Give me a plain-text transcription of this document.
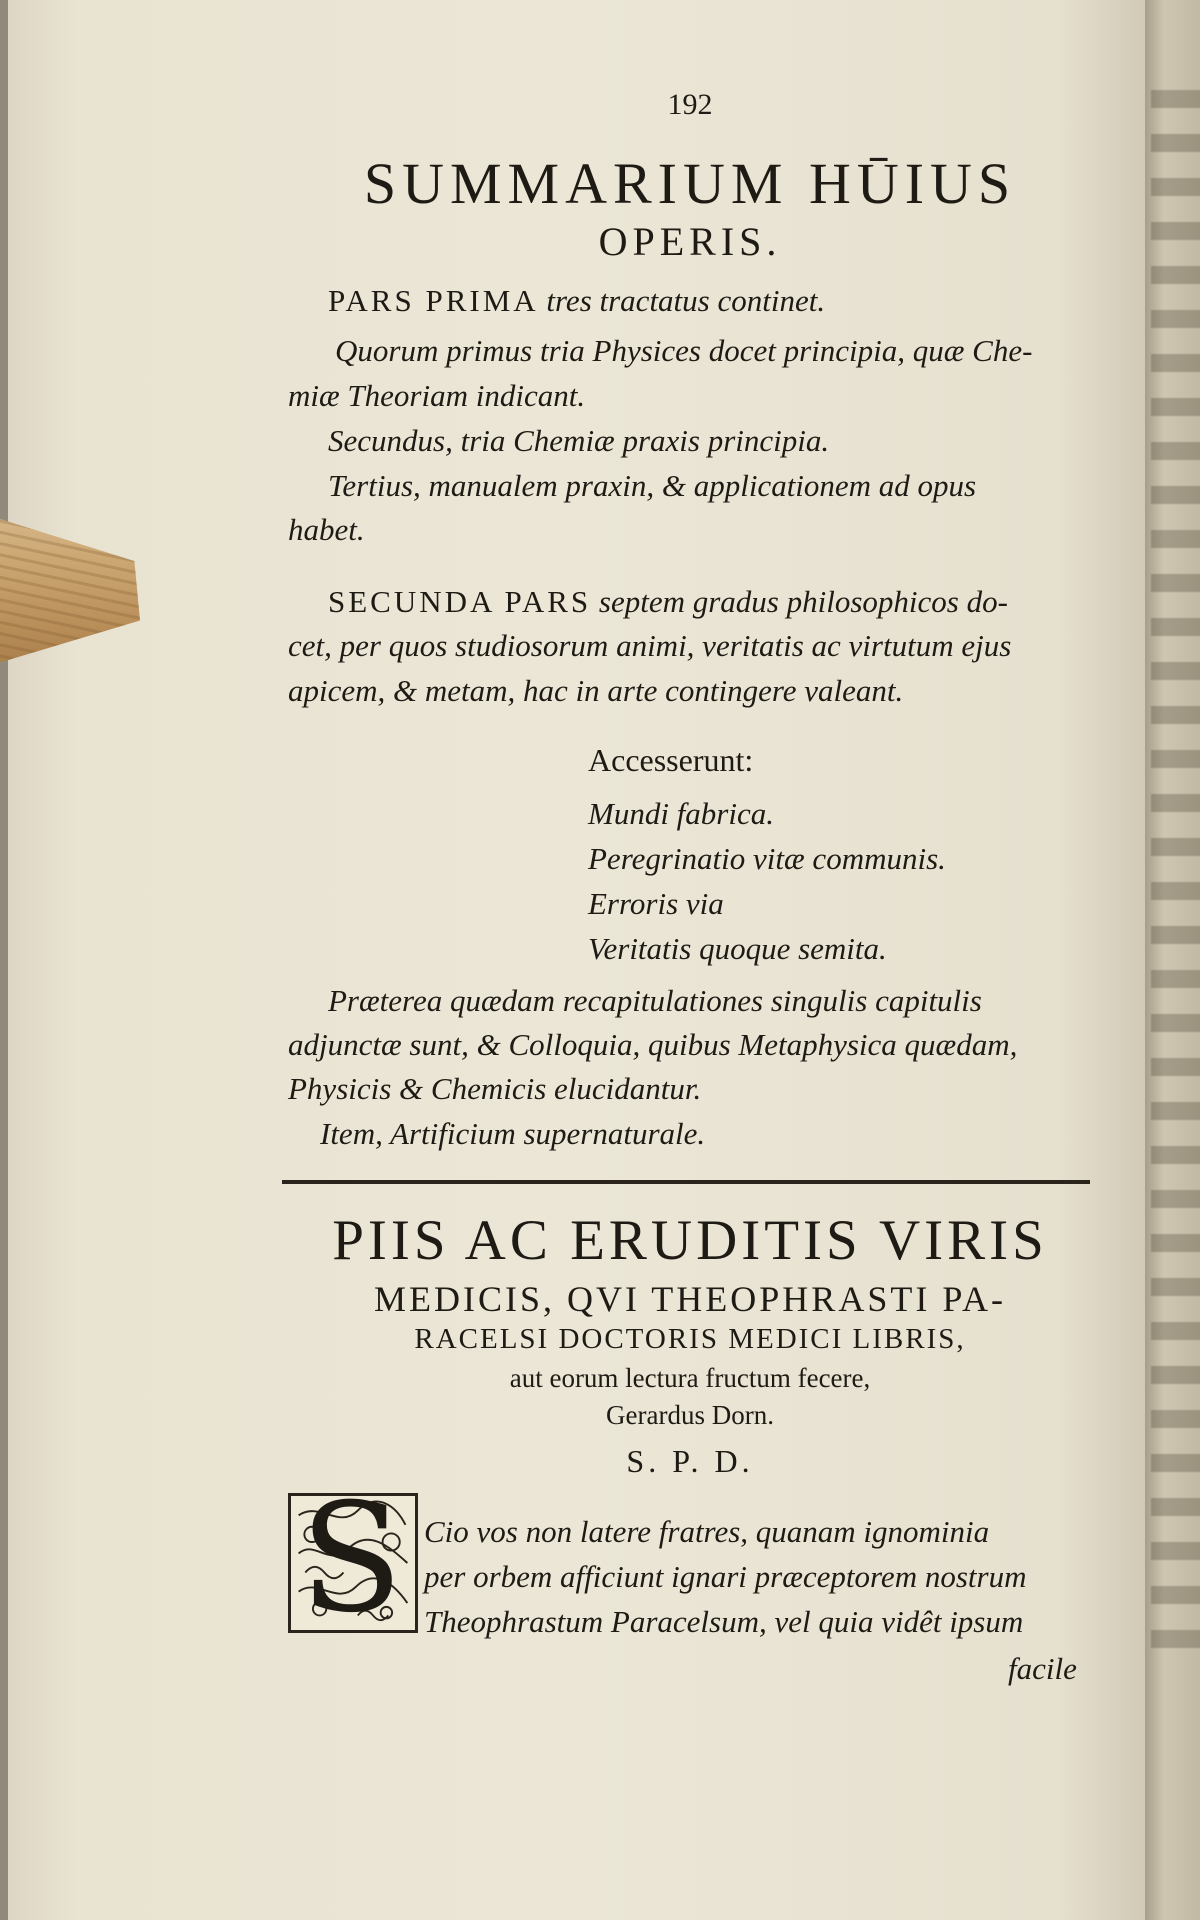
192
SUMMARIUM HŪIUS
OPERIS.
PARS PRIMA tres tractatus continet.
Quorum primus tria Physices docet principia, quæ Che-
miæ Theoriam indicant.
Secundus, tria Chemiæ praxis principia.
Tertius, manualem praxin, & applicationem ad opus
habet.
SECUNDA PARS septem gradus philosophicos do-
cet, per quos studiosorum animi, veritatis ac virtutum ejus
apicem, & metam, hac in arte contingere valeant.
Accesserunt:
Mundi fabrica.
Peregrinatio vitæ communis.
Erroris via
Veritatis quoque semita.
Præterea quædam recapitulationes singulis capitulis
adjunctæ sunt, & Colloquia, quibus Metaphysica quædam,
Physicis & Chemicis elucidantur.
Item, Artificium supernaturale.
PIIS AC ERUDITIS VIRIS
MEDICIS, QVI THEOPHRASTI PA-
RACELSI DOCTORIS MEDICI LIBRIS,
aut eorum lectura fructum fecere,
Gerardus Dorn.
S. P. D.
Cio vos non latere fratres, quanam ignominia
per orbem afficiunt ignari præceptorem nostrum
Theophrastum Paracelsum, vel quia vidêt ipsum
facile
S
